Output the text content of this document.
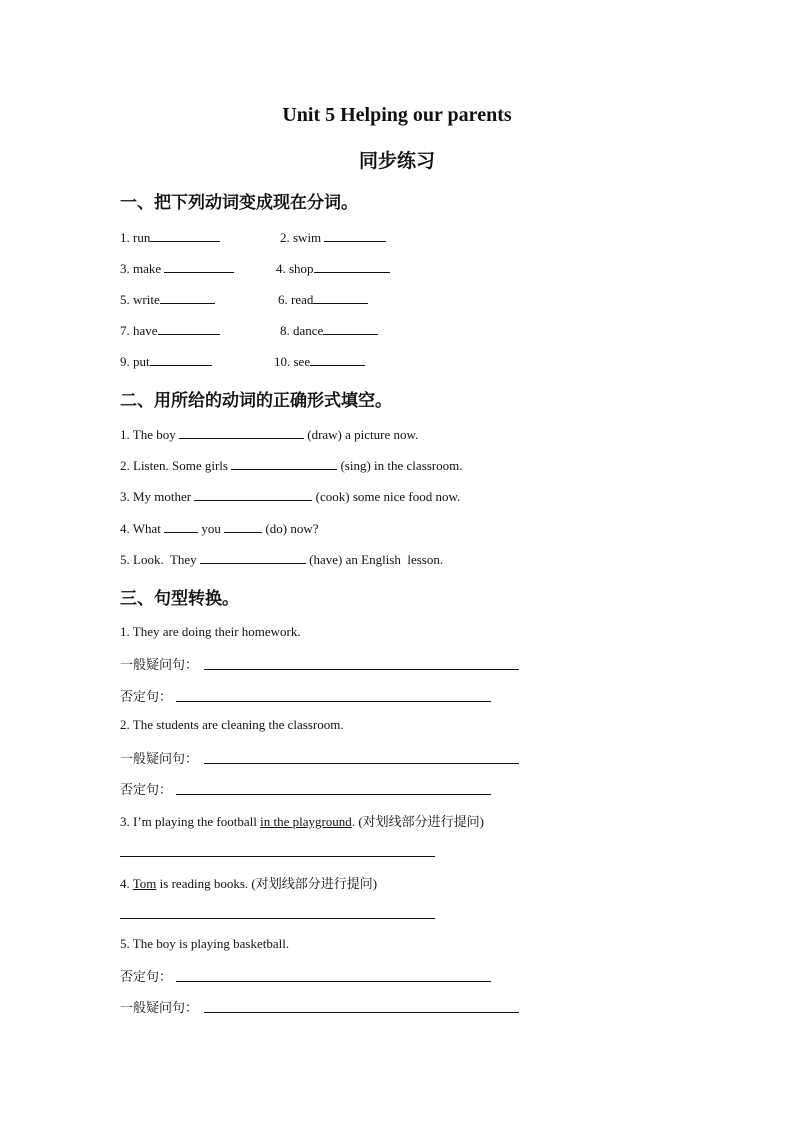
Unit 5 Helping our parents
同步练习
一、把下列动词变成现在分词。
1. run	2. swim
3. make	4. shop
5. write	6. read
7. have	8. dance
9. put	10. see
二、用所给的动词的正确形式填空。
1. The boy	(draw) a picture now.
2. Listen. Some girls	(sing) in the classroom.
3. My mother	(cook) some nice food now.
4. What	you	(do) now?
5. Look.  They	(have) an English  lesson.
三、句型转换。
1. They are doing their homework.
一般疑问句：
否定句：
2. The students are cleaning the classroom.
一般疑问句：
否定句：
3. I’m playing the football in the playground. (对划线部分进行提问)
4. Tom is reading books. (对划线部分进行提问)
5. The boy is playing basketball.
否定句：
一般疑问句：
